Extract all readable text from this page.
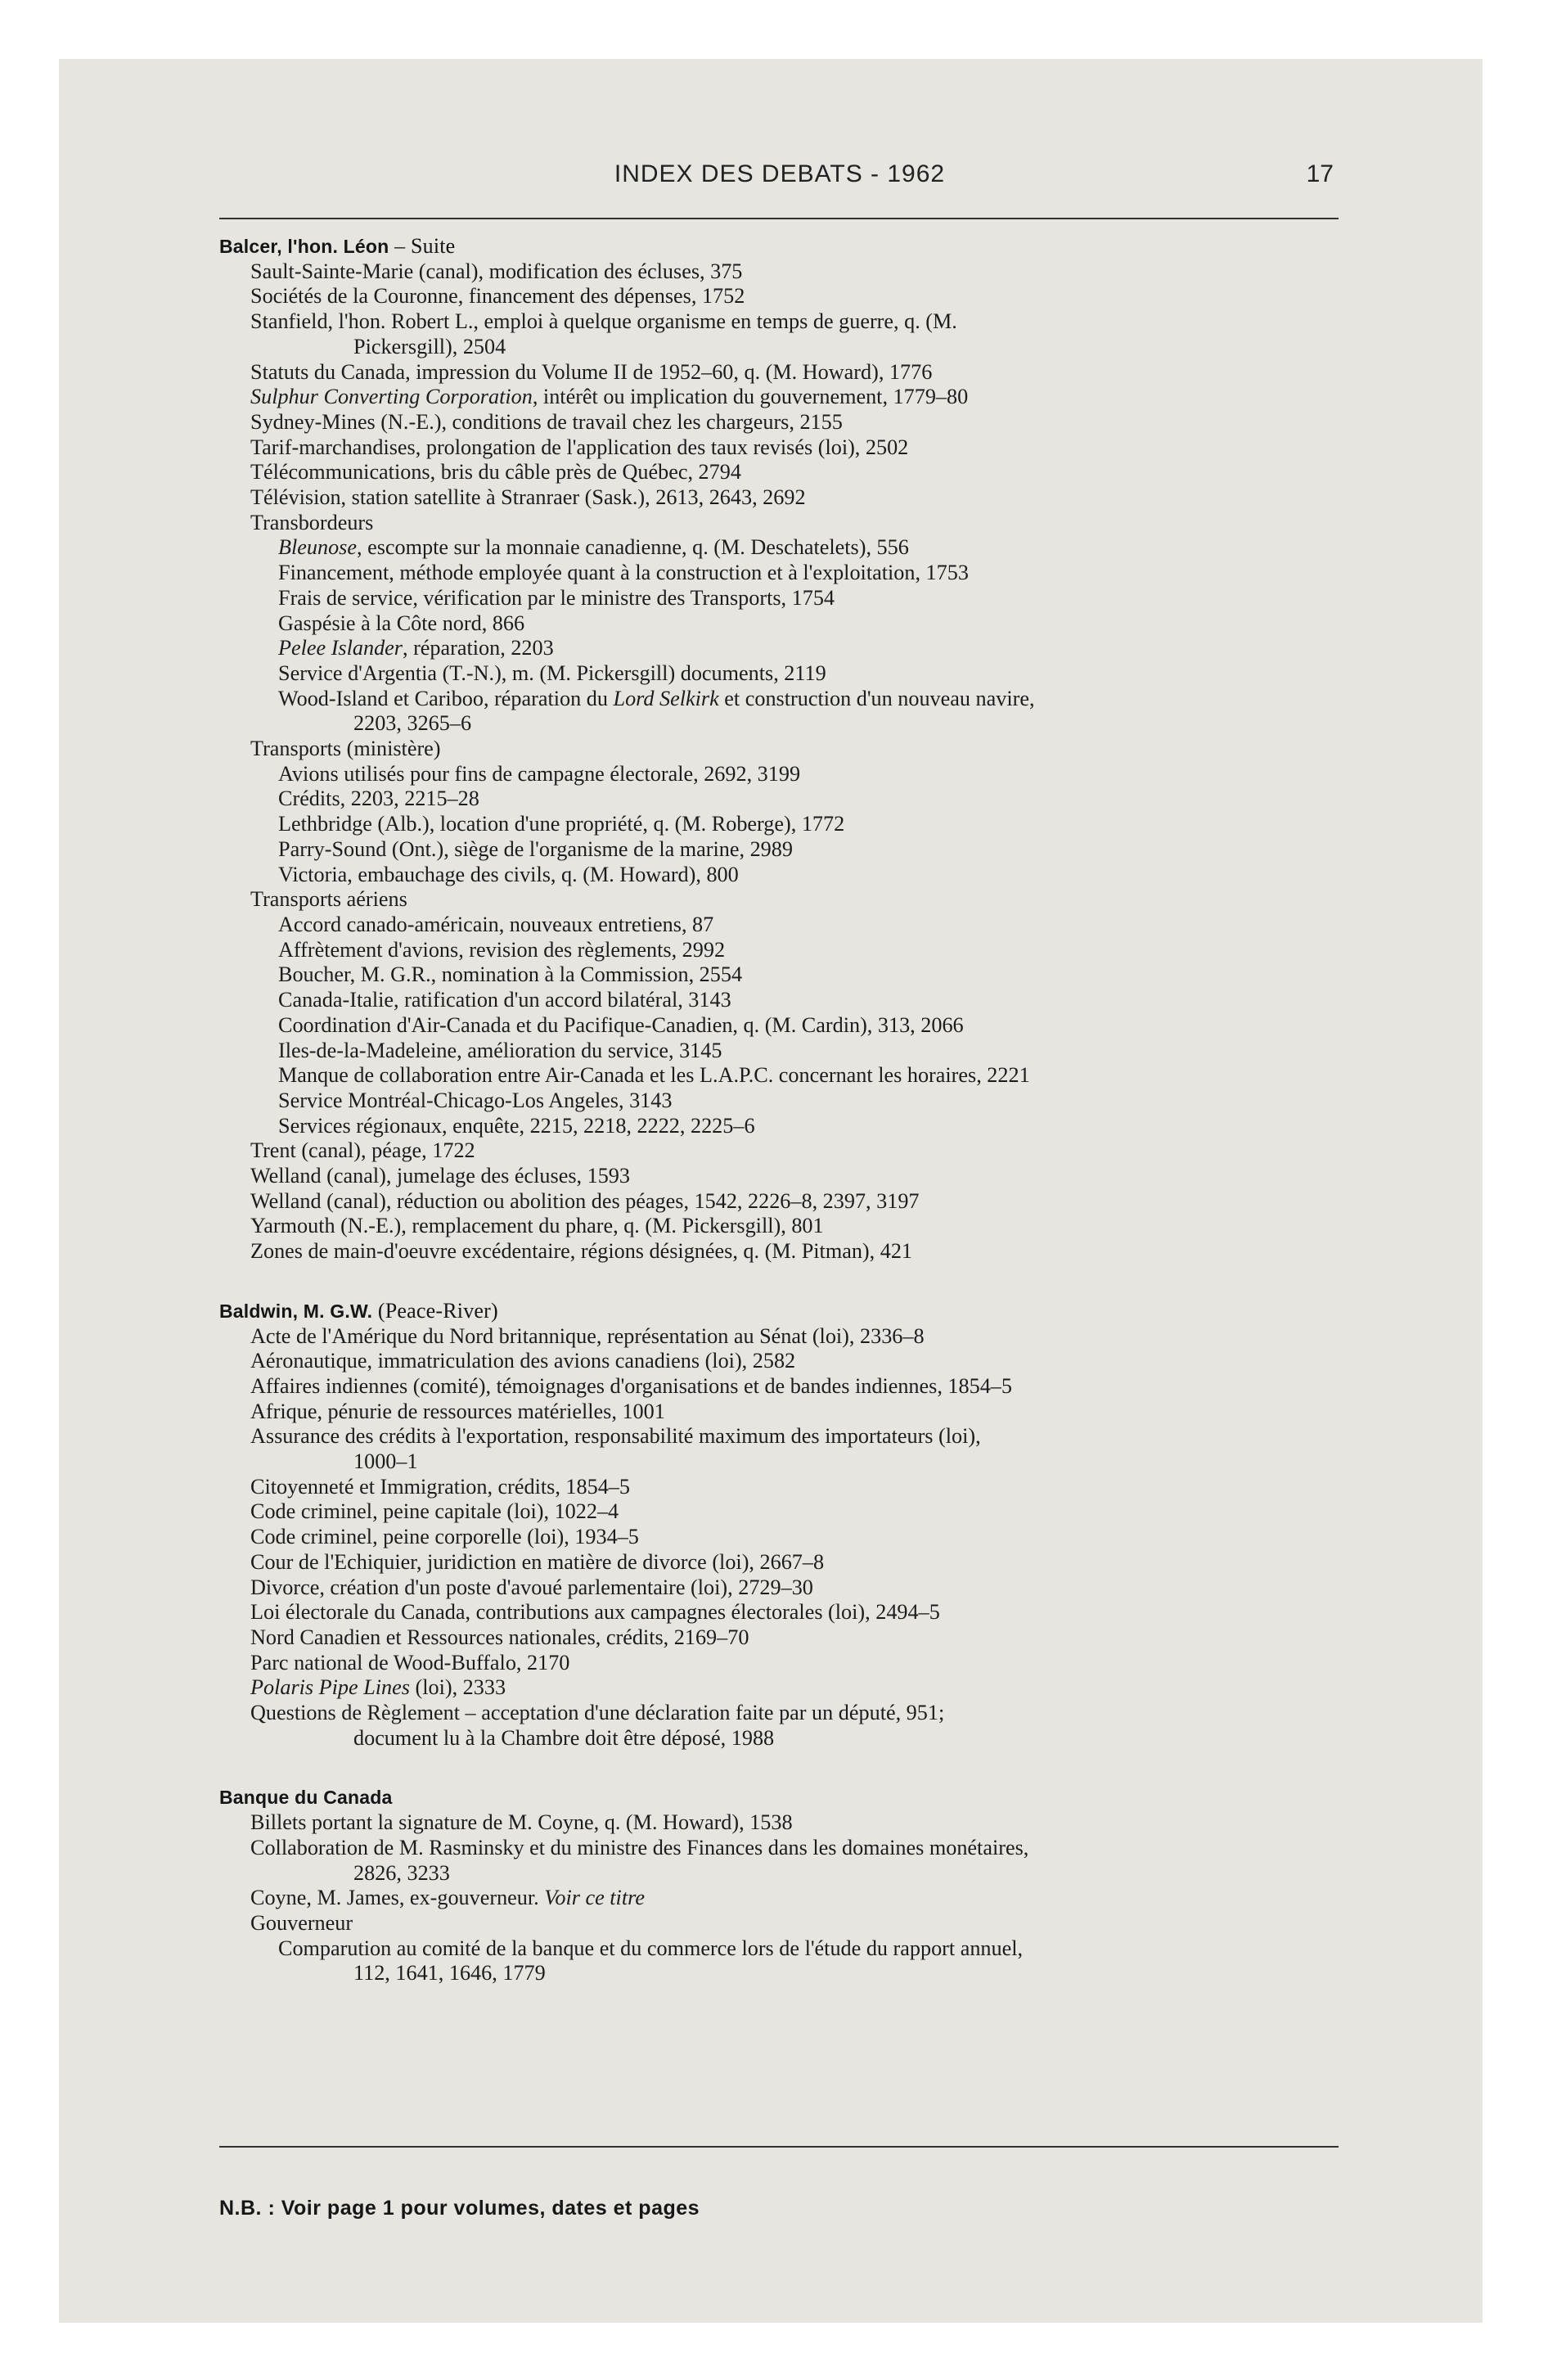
INDEX DES DEBATS - 1962	17
Balcer, l'hon. Léon – Suite
Sault-Sainte-Marie (canal), modification des écluses, 375
Sociétés de la Couronne, financement des dépenses, 1752
Stanfield, l'hon. Robert L., emploi à quelque organisme en temps de guerre, q. (M.
Pickersgill), 2504
Statuts du Canada, impression du Volume II de 1952–60, q. (M. Howard), 1776
Sulphur Converting Corporation, intérêt ou implication du gouvernement, 1779–80
Sydney-Mines (N.-E.), conditions de travail chez les chargeurs, 2155
Tarif-marchandises, prolongation de l'application des taux revisés (loi), 2502
Télécommunications, bris du câble près de Québec, 2794
Télévision, station satellite à Stranraer (Sask.), 2613, 2643, 2692
Transbordeurs
Bleunose, escompte sur la monnaie canadienne, q. (M. Deschatelets), 556
Financement, méthode employée quant à la construction et à l'exploitation, 1753
Frais de service, vérification par le ministre des Transports, 1754
Gaspésie à la Côte nord, 866
Pelee Islander, réparation, 2203
Service d'Argentia (T.-N.), m. (M. Pickersgill) documents, 2119
Wood-Island et Cariboo, réparation du Lord Selkirk et construction d'un nouveau navire,
2203, 3265–6
Transports (ministère)
Avions utilisés pour fins de campagne électorale, 2692, 3199
Crédits, 2203, 2215–28
Lethbridge (Alb.), location d'une propriété, q. (M. Roberge), 1772
Parry-Sound (Ont.), siège de l'organisme de la marine, 2989
Victoria, embauchage des civils, q. (M. Howard), 800
Transports aériens
Accord canado-américain, nouveaux entretiens, 87
Affrètement d'avions, revision des règlements, 2992
Boucher, M. G.R., nomination à la Commission, 2554
Canada-Italie, ratification d'un accord bilatéral, 3143
Coordination d'Air-Canada et du Pacifique-Canadien, q. (M. Cardin), 313, 2066
Iles-de-la-Madeleine, amélioration du service, 3145
Manque de collaboration entre Air-Canada et les L.A.P.C. concernant les horaires, 2221
Service Montréal-Chicago-Los Angeles, 3143
Services régionaux, enquête, 2215, 2218, 2222, 2225–6
Trent (canal), péage, 1722
Welland (canal), jumelage des écluses, 1593
Welland (canal), réduction ou abolition des péages, 1542, 2226–8, 2397, 3197
Yarmouth (N.-E.), remplacement du phare, q. (M. Pickersgill), 801
Zones de main-d'oeuvre excédentaire, régions désignées, q. (M. Pitman), 421
Baldwin, M. G.W. (Peace-River)
Acte de l'Amérique du Nord britannique, représentation au Sénat (loi), 2336–8
Aéronautique, immatriculation des avions canadiens (loi), 2582
Affaires indiennes (comité), témoignages d'organisations et de bandes indiennes, 1854–5
Afrique, pénurie de ressources matérielles, 1001
Assurance des crédits à l'exportation, responsabilité maximum des importateurs (loi),
1000–1
Citoyenneté et Immigration, crédits, 1854–5
Code criminel, peine capitale (loi), 1022–4
Code criminel, peine corporelle (loi), 1934–5
Cour de l'Echiquier, juridiction en matière de divorce (loi), 2667–8
Divorce, création d'un poste d'avoué parlementaire (loi), 2729–30
Loi électorale du Canada, contributions aux campagnes électorales (loi), 2494–5
Nord Canadien et Ressources nationales, crédits, 2169–70
Parc national de Wood-Buffalo, 2170
Polaris Pipe Lines (loi), 2333
Questions de Règlement – acceptation d'une déclaration faite par un député, 951;
document lu à la Chambre doit être déposé, 1988
Banque du Canada
Billets portant la signature de M. Coyne, q. (M. Howard), 1538
Collaboration de M. Rasminsky et du ministre des Finances dans les domaines monétaires,
2826, 3233
Coyne, M. James, ex-gouverneur. Voir ce titre
Gouverneur
Comparution au comité de la banque et du commerce lors de l'étude du rapport annuel,
112, 1641, 1646, 1779
N.B. : Voir page 1 pour volumes, dates et pages
